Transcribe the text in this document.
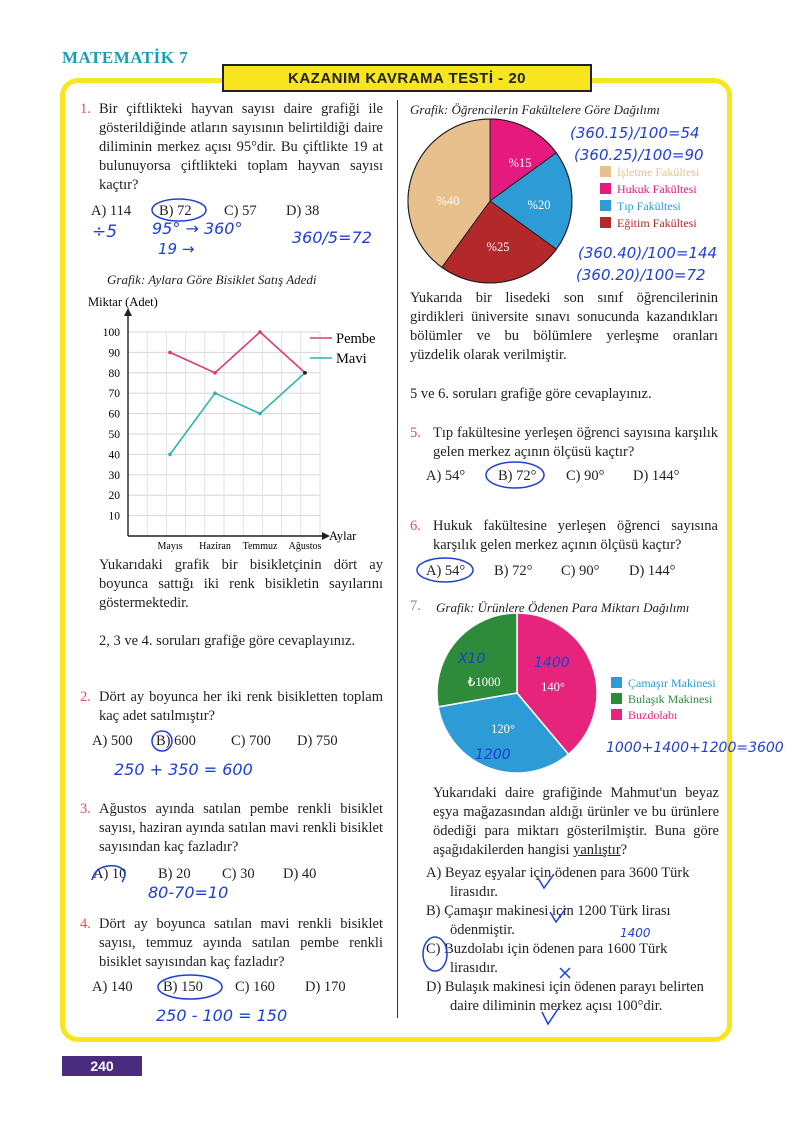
MATEMATİK 7
KAZANIM KAVRAMA TESTİ - 20
1. Bir çiftlikteki hayvan sayısı daire grafiği ile gösterildiğinde atların sayısının belirtildiği daire diliminin merkez açısı 95°dir. Bu çiftlikte 19 at bulunuyorsa çiftlikteki toplam hayvan sayısı kaçtır?
A) 114 B) 72 C) 57 D) 38
÷5 95° → 360°
19 →
360/5=72
Grafik: Aylara Göre Bisiklet Satış Adedi
Miktar (Adet)
Aylar
10
20
30
40
50
60
70
80
90
100
Mayıs Haziran Temmuz Ağustos
Pembe
Mavi
Yukarıdaki grafik bir bisikletçinin dört ay boyunca sattığı iki renk bisikletin sayılarını göstermektedir.
2, 3 ve 4. soruları grafiğe göre cevaplayınız.
2. Dört ay boyunca her iki renk bisikletten toplam kaç adet satılmıştır?
A) 500 B) 600 C) 700 D) 750
250 + 350 = 600
3. Ağustos ayında satılan pembe renkli bisiklet sayısı, haziran ayında satılan mavi renkli bisiklet sayısından kaç fazladır?
A) 10 B) 20 C) 30 D) 40
80-70=10
4. Dört ay boyunca satılan mavi renkli bisiklet sayısı, temmuz ayında satılan pembe renkli bisiklet sayısından kaç fazladır?
A) 140 B) 150 C) 160 D) 170
250 - 100 = 150
Grafik: Öğrencilerin Fakültelere Göre Dağılımı
%15
%20
%25
%40
İşletme Fakültesi
Hukuk Fakültesi
Tıp Fakültesi
Eğitim Fakültesi
(360.15)/100=54
(360.25)/100=90
(360.40)/100=144
(360.20)/100=72
Yukarıda bir lisedeki son sınıf öğrencilerinin girdikleri üniversite sınavı sonucunda kazandıkları bölümler ve bu bölümlere yerleşme oranları yüzdelik olarak verilmiştir.
5 ve 6. soruları grafiğe göre cevaplayınız.
5. Tıp fakültesine yerleşen öğrenci sayısına karşılık gelen merkez açının ölçüsü kaçtır?
A) 54° B) 72° C) 90° D) 144°
6. Hukuk fakültesine yerleşen öğrenci sayısına karşılık gelen merkez açının ölçüsü kaçtır?
A) 54° B) 72° C) 90° D) 144°
7. Grafik: Ürünlere Ödenen Para Miktarı Dağılımı
140°
120°
₺1000	Çamaşır Makinesi
Bulaşık Makinesi
Buzdolabı
X10	1400
1200	1000+1400+1200=3600
Yukarıdaki daire grafiğinde Mahmut'un beyaz eşya mağazasından aldığı ürünler ve bu ürünlere ödediği para miktarı gösterilmiştir. Buna göre aşağıdakilerden hangisi yanlıştır?
A) Beyaz eşyalar için ödenen para 3600 Türk lirasıdır.
B) Çamaşır makinesi için 1200 Türk lirası ödenmiştir.
C) Buzdolabı için ödenen para 1600 Türk lirasıdır.
D) Bulaşık makinesi için ödenen parayı belirten daire diliminin merkez açısı 100°dir.
1400
240
